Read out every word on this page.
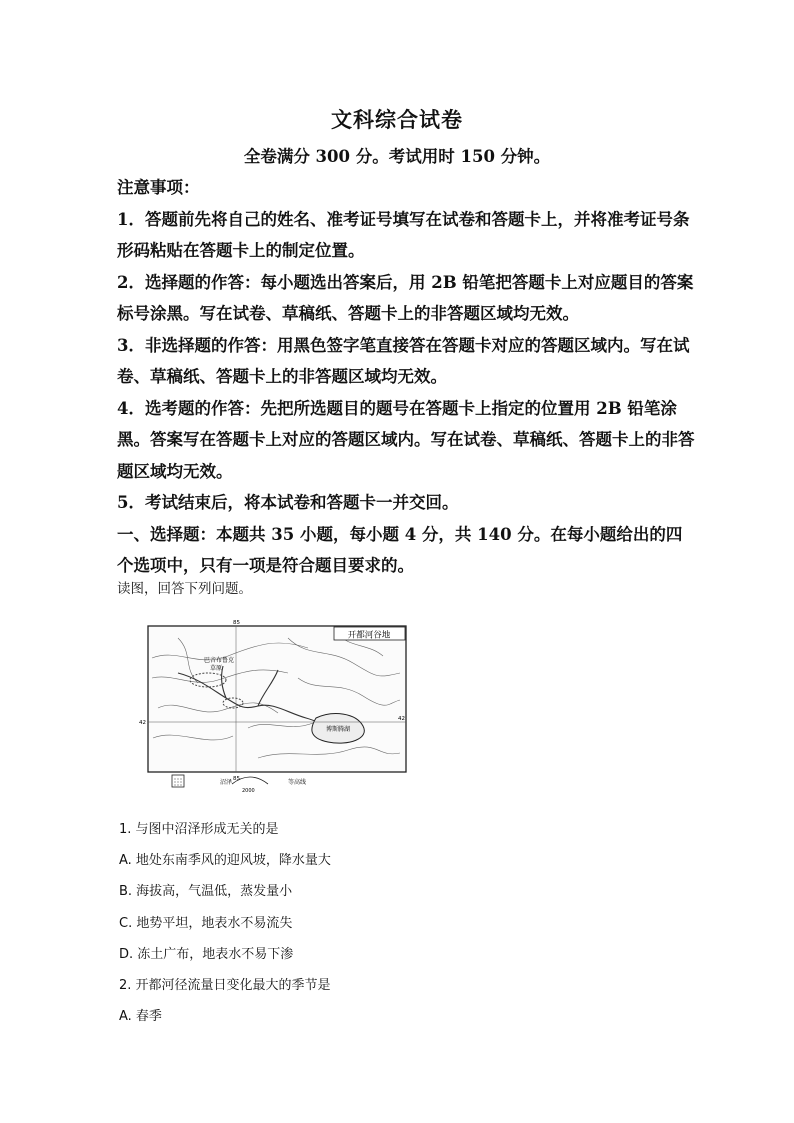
文科综合试卷
全卷满分 300 分。考试用时 150 分钟。

注意事项：

1．答题前先将自己的姓名、准考证号填写在试卷和答题卡上，并将准考证号条形码粘贴在答题卡上的制定位置。

2．选择题的作答：每小题选出答案后，用 2B 铅笔把答题卡上对应题目的答案标号涂黑。写在试卷、草稿纸、答题卡上的非答题区域均无效。

3．非选择题的作答：用黑色签字笔直接答在答题卡对应的答题区域内。写在试卷、草稿纸、答题卡上的非答题区域均无效。

4．选考题的作答：先把所选题目的题号在答题卡上指定的位置用 2B 铅笔涂黑。答案写在答题卡上对应的答题区域内。写在试卷、草稿纸、答题卡上的非答题区域均无效。

5．考试结束后，将本试卷和答题卡一并交回。

一、选择题：本题共 35 小题，每小题 4 分，共 140 分。在每小题给出的四个选项中，只有一项是符合题目要求的。

读图，回答下列问题。
开都河谷地
巴音布鲁克
草原
博斯腾湖
85
85
42
42
沼泽
2000
等高线
1. 与图中沼泽形成无关的是
A. 地处东南季风的迎风坡，降水量大
B. 海拔高，气温低，蒸发量小
C. 地势平坦，地表水不易流失
D. 冻土广布，地表水不易下渗
2. 开都河径流量日变化最大的季节是
A. 春季
